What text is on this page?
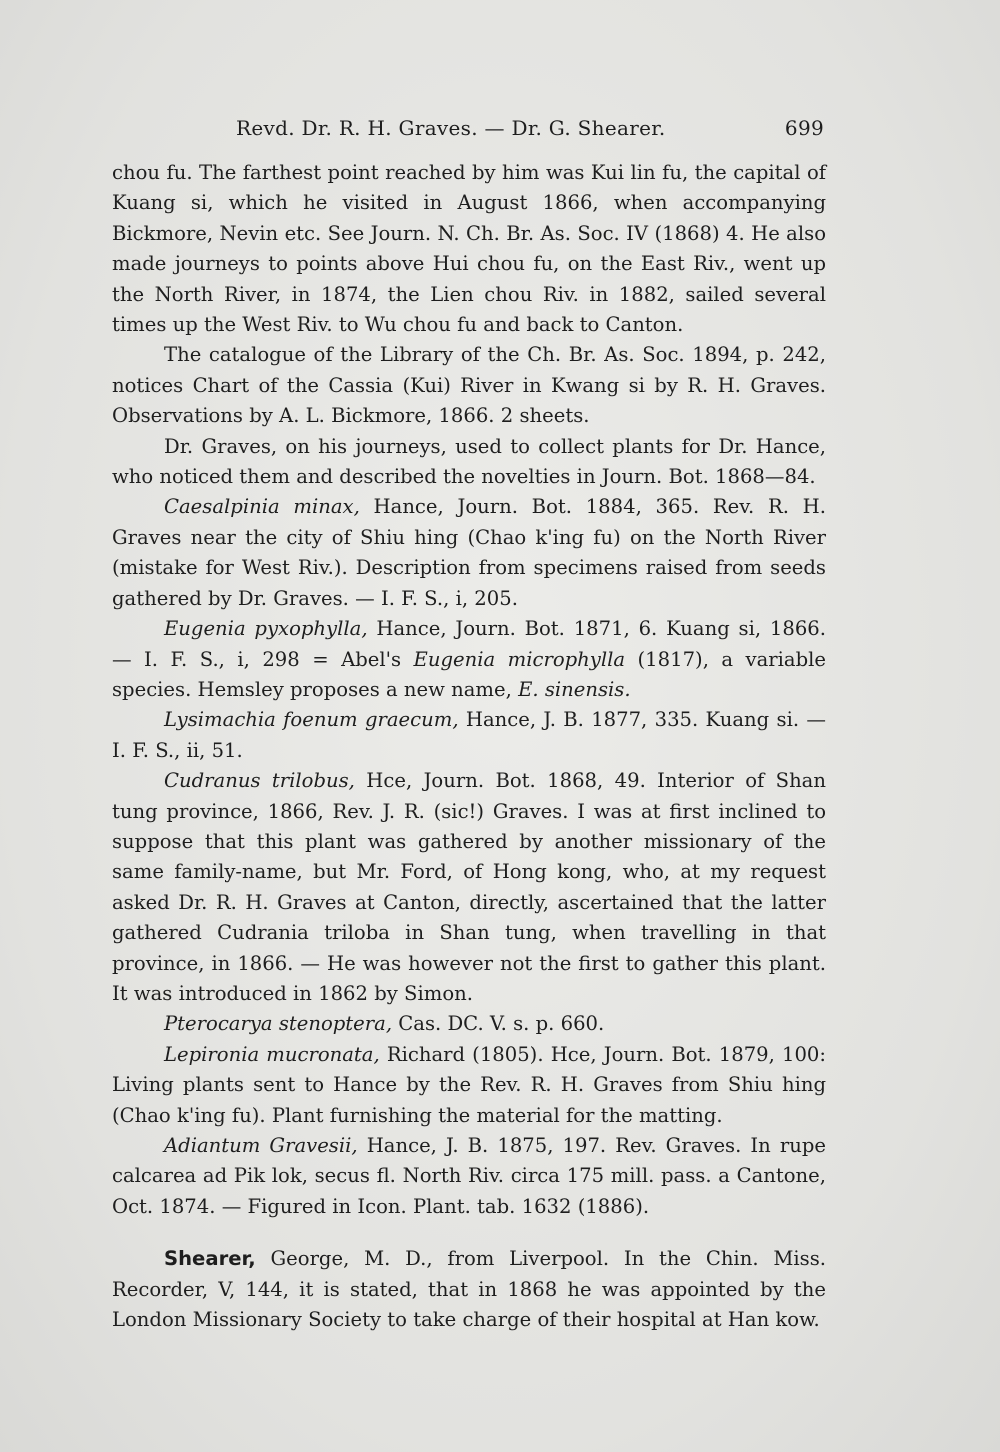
Revd. Dr. R. H. Graves. — Dr. G. Shearer.	699

chou fu. The farthest point reached by him was Kui lin fu, the capital of Kuang si, which he visited in August 1866, when accompanying Bickmore, Nevin etc. See Journ. N. Ch. Br. As. Soc. IV (1868) 4. He also made journeys to points above Hui chou fu, on the East Riv., went up the North River, in 1874, the Lien chou Riv. in 1882, sailed several times up the West Riv. to Wu chou fu and back to Canton.

The catalogue of the Library of the Ch. Br. As. Soc. 1894, p. 242, notices Chart of the Cassia (Kui) River in Kwang si by R. H. Graves. Observations by A. L. Bickmore, 1866. 2 sheets.

Dr. Graves, on his journeys, used to collect plants for Dr. Hance, who noticed them and described the novelties in Journ. Bot. 1868—84.

Caesalpinia minax, Hance, Journ. Bot. 1884, 365. Rev. R. H. Graves near the city of Shiu hing (Chao k'ing fu) on the North River (mistake for West Riv.). Description from specimens raised from seeds gathered by Dr. Graves. — I. F. S., i, 205.

Eugenia pyxophylla, Hance, Journ. Bot. 1871, 6. Kuang si, 1866. — I. F. S., i, 298 = Abel's Eugenia microphylla (1817), a variable species. Hemsley proposes a new name, E. sinensis.

Lysimachia foenum graecum, Hance, J. B. 1877, 335. Kuang si. — I. F. S., ii, 51.

Cudranus trilobus, Hce, Journ. Bot. 1868, 49. Interior of Shan tung province, 1866, Rev. J. R. (sic!) Graves. I was at first inclined to suppose that this plant was gathered by another missionary of the same family-name, but Mr. Ford, of Hong kong, who, at my request asked Dr. R. H. Graves at Canton, directly, ascertained that the latter gathered Cudrania triloba in Shan tung, when travelling in that province, in 1866. — He was however not the first to gather this plant. It was introduced in 1862 by Simon.

Pterocarya stenoptera, Cas. DC. V. s. p. 660.

Lepironia mucronata, Richard (1805). Hce, Journ. Bot. 1879, 100: Living plants sent to Hance by the Rev. R. H. Graves from Shiu hing (Chao k'ing fu). Plant furnishing the material for the matting.

Adiantum Gravesii, Hance, J. B. 1875, 197. Rev. Graves. In rupe calcarea ad Pik lok, secus fl. North Riv. circa 175 mill. pass. a Cantone, Oct. 1874. — Figured in Icon. Plant. tab. 1632 (1886).

Shearer, George, M. D., from Liverpool. In the Chin. Miss. Recorder, V, 144, it is stated, that in 1868 he was appointed by the London Missionary Society to take charge of their hospital at Han kow.
